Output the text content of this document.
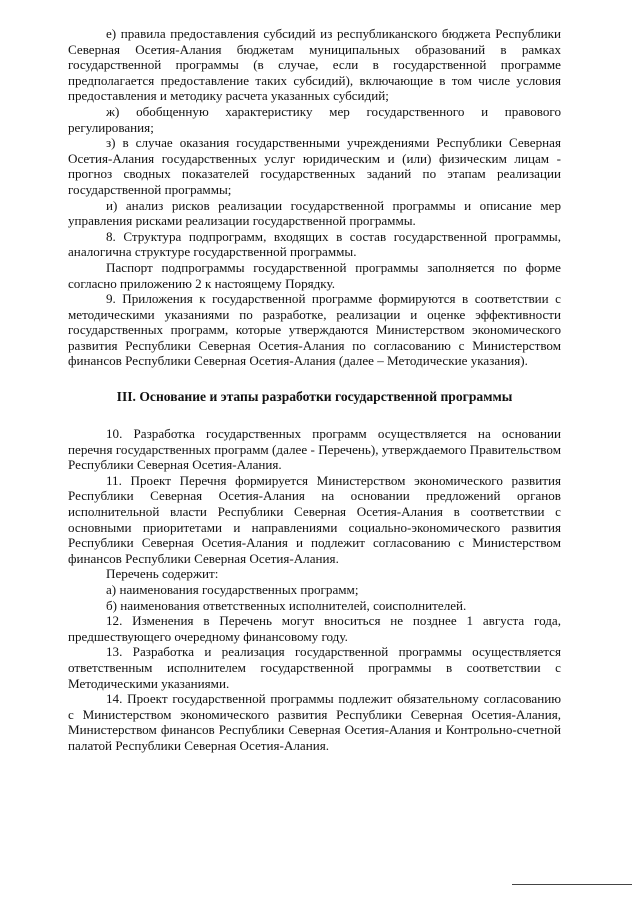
е) правила предоставления субсидий из республиканского бюджета Республики Северная Осетия-Алания бюджетам муниципальных образований в рамках государственной программы (в случае, если в государственной программе предполагается предоставление таких субсидий), включающие в том числе условия предоставления и методику расчета указанных субсидий;

ж) обобщенную характеристику мер государственного и правового регулирования;

з) в случае оказания государственными учреждениями Республики Северная Осетия-Алания государственных услуг юридическим и (или) физическим лицам - прогноз сводных показателей государственных заданий по этапам реализации государственной программы;

и) анализ рисков реализации государственной программы и описание мер управления рисками реализации государственной программы.

8. Структура подпрограмм, входящих в состав государственной программы, аналогична структуре государственной программы.

Паспорт подпрограммы государственной программы заполняется по форме согласно приложению 2 к настоящему Порядку.

9. Приложения к государственной программе формируются в соответствии с методическими указаниями по разработке, реализации и оценке эффективности государственных программ, которые утверждаются Министерством экономического развития Республики Северная Осетия-Алания по согласованию с Министерством финансов Республики Северная Осетия-Алания (далее – Методические указания).

III. Основание и этапы разработки государственной программы

10. Разработка государственных программ осуществляется на основании перечня государственных программ (далее - Перечень), утверждаемого Правительством Республики Северная Осетия-Алания.

11. Проект Перечня формируется Министерством экономического развития Республики Северная Осетия-Алания на основании предложений органов исполнительной власти Республики Северная Осетия-Алания в соответствии с основными приоритетами и направлениями социально-экономического развития Республики Северная Осетия-Алания и подлежит согласованию с Министерством финансов Республики Северная Осетия-Алания.

Перечень содержит:

а) наименования государственных программ;

б) наименования ответственных исполнителей, соисполнителей.

12. Изменения в Перечень могут вноситься не позднее 1 августа года, предшествующего очередному финансовому году.

13. Разработка и реализация государственной программы осуществляется ответственным исполнителем государственной программы в соответствии с Методическими указаниями.

14. Проект государственной программы подлежит обязательному согласованию с Министерством экономического развития Республики Северная Осетия-Алания, Министерством финансов Республики Северная Осетия-Алания и Контрольно-счетной палатой Республики Северная Осетия-Алания.
